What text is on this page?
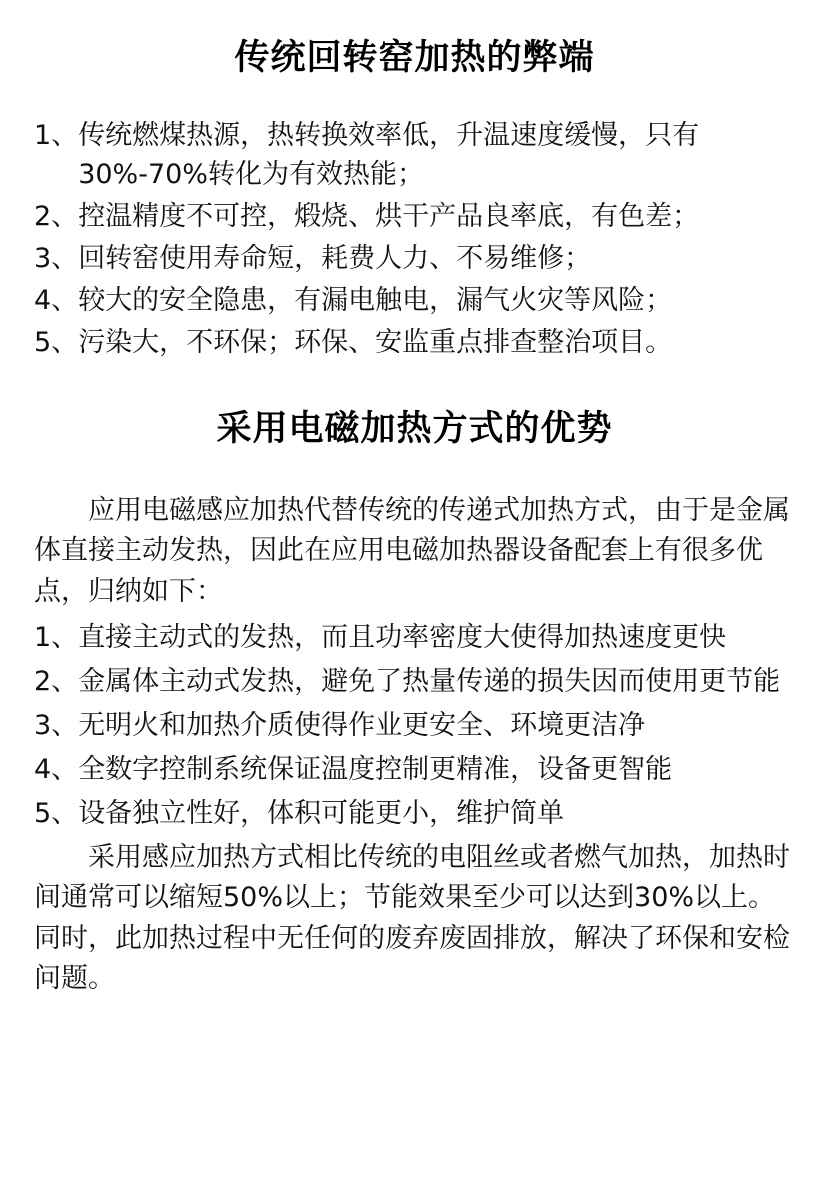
传统回转窑加热的弊端
1、 传统燃煤热源，热转换效率低，升温速度缓慢，只有30%-70%转化为有效热能；
2、 控温精度不可控，煅烧、烘干产品良率底，有色差；
3、 回转窑使用寿命短，耗费人力、不易维修；
4、 较大的安全隐患，有漏电触电，漏气火灾等风险；
5、 污染大，不环保；环保、安监重点排查整治项目。
采用电磁加热方式的优势

应用电磁感应加热代替传统的传递式加热方式，由于是金属体直接主动发热，因此在应用电磁加热器设备配套上有很多优点，归纳如下：

1、 直接主动式的发热，而且功率密度大使得加热速度更快
2、 金属体主动式发热，避免了热量传递的损失因而使用更节能
3、 无明火和加热介质使得作业更安全、环境更洁净
4、 全数字控制系统保证温度控制更精准，设备更智能
5、 设备独立性好，体积可能更小，维护简单

采用感应加热方式相比传统的电阻丝或者燃气加热，加热时间通常可以缩短50%以上；节能效果至少可以达到30%以上。同时，此加热过程中无任何的废弃废固排放，解决了环保和安检问题。
